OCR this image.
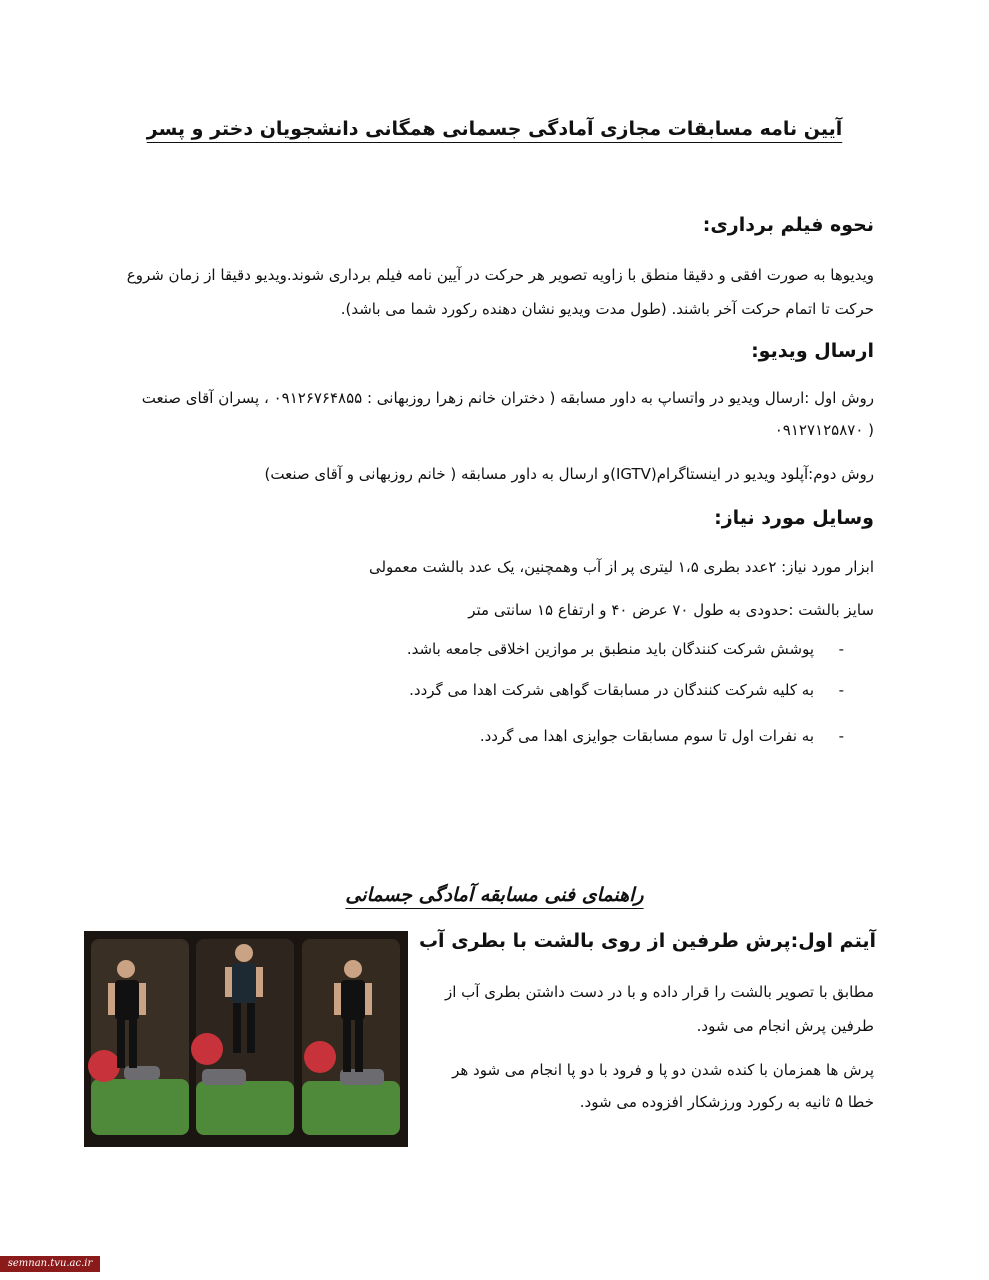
آیین نامه مسابقات مجازی آمادگی جسمانی همگانی دانشجویان دختر و پسر
نحوه فیلم برداری:

ویدیوها به صورت افقی و دقیقا منطق با زاویه تصویر هر حرکت در آیین نامه فیلم برداری شوند.ویدیو دقیقا از زمان شروع

حرکت تا اتمام حرکت آخر باشند. (طول مدت ویدیو نشان دهنده رکورد شما می باشد).

ارسال ویدیو:

روش اول :ارسال ویدیو در واتساپ به داور مسابقه ( دختران خانم زهرا روزبهانی : ۰۹۱۲۶۷۶۴۸۵۵ ، پسران آقای صنعت

( ۰۹۱۲۷۱۲۵۸۷۰

روش دوم:آپلود ویدیو در اینستاگرام(IGTV)و ارسال به داور مسابقه ( خانم روزبهانی و آقای صنعت)

وسایل مورد نیاز:

ابزار مورد نیاز: ۲عدد بطری ۱،۵ لیتری پر از آب وهمچنین، یک عدد بالشت معمولی

سایز بالشت :حدودی به طول ۷۰ عرض ۴۰ و ارتفاع ۱۵ سانتی متر

-
پوشش شرکت کنندگان باید منطبق بر موازین اخلاقی جامعه باشد.
-
به کلیه شرکت کنندگان در مسابقات گواهی شرکت اهدا می گردد.
-
به نفرات اول تا سوم مسابقات جوایزی اهدا می گردد.
راهنمای فنی مسابقه آمادگی جسمانی
آیتم اول:پرش طرفین از روی بالشت با بطری آب

مطابق با تصویر بالشت را قرار داده و با در دست داشتن بطری آب از

طرفین پرش انجام می شود.

پرش ها همزمان با کنده شدن دو پا و فرود با دو پا انجام می شود هر

خطا ۵ ثانیه به رکورد ورزشکار افزوده می شود.

semnan.tvu.ac.ir
